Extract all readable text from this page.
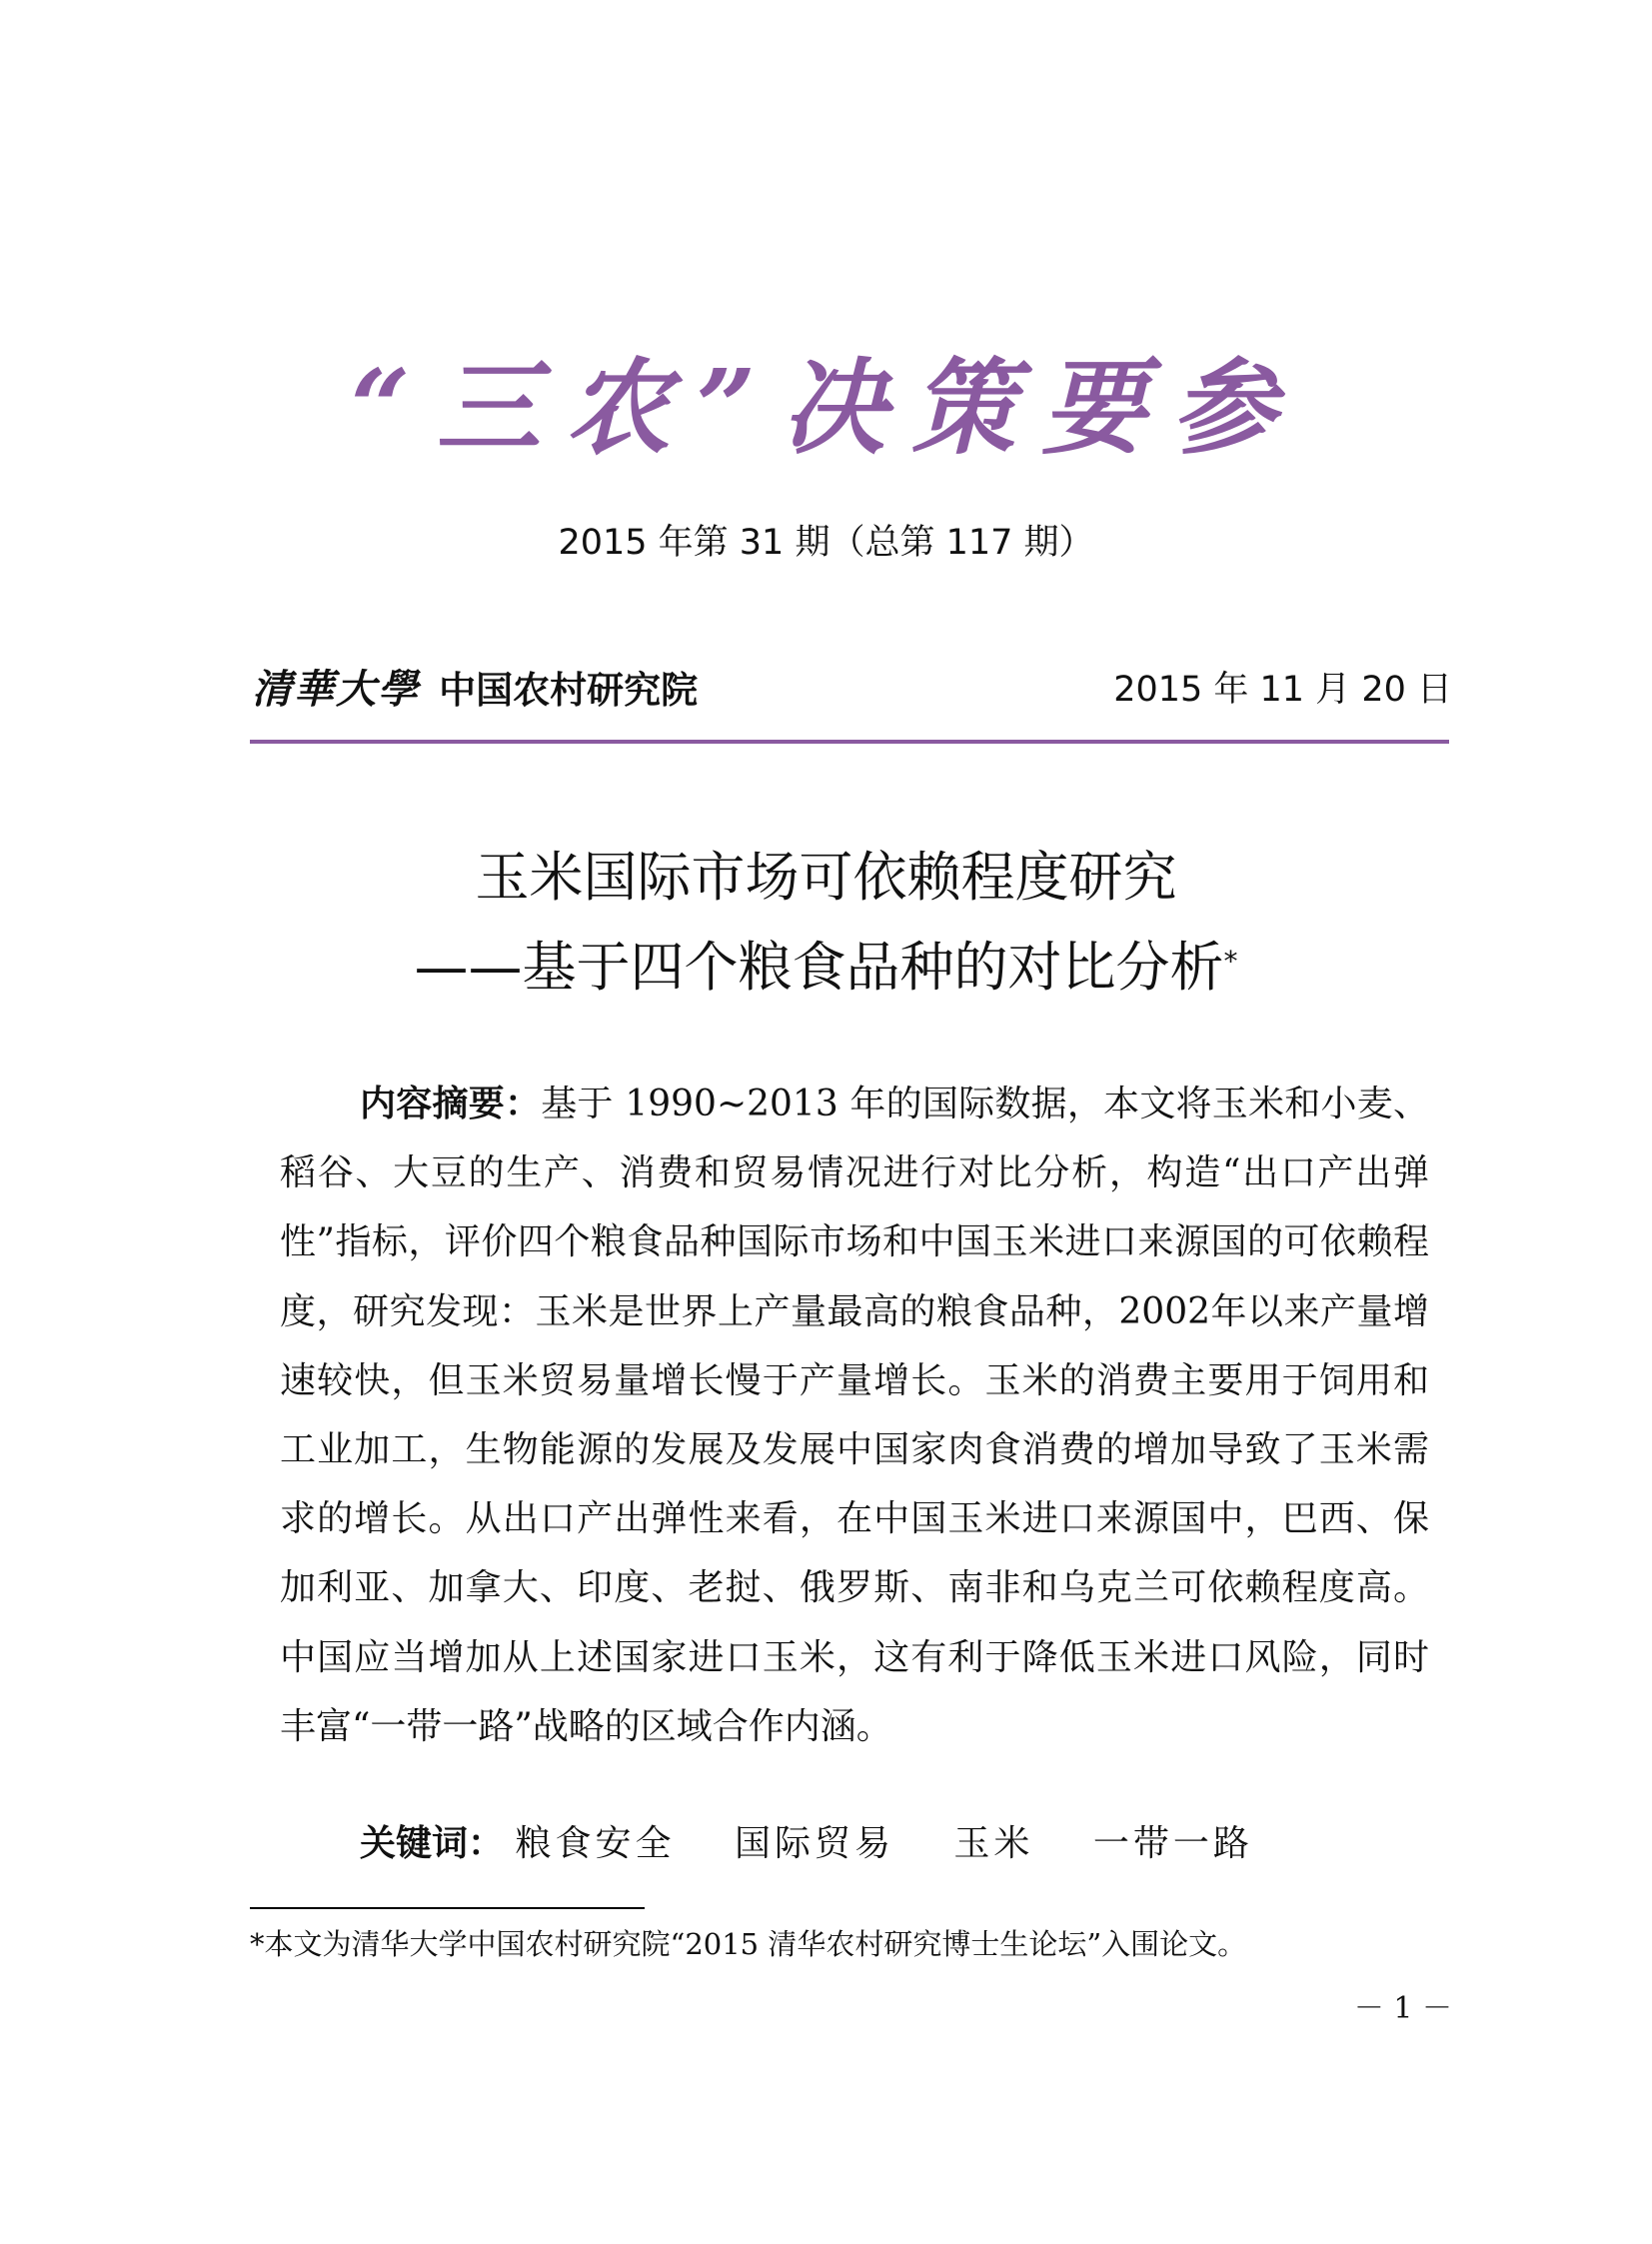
“三农”决策要参
2015 年第 31 期（总第 117 期）
清華大學 中国农村研究院	2015 年 11 月 20 日
玉米国际市场可依赖程度研究
——基于四个粮食品种的对比分析*

内容摘要：基于 1990~2013 年的国际数据，本文将玉米和小麦、稻谷、大豆的生产、消费和贸易情况进行对比分析，构造“出口产出弹性”指标，评价四个粮食品种国际市场和中国玉米进口来源国的可依赖程度，研究发现：玉米是世界上产量最高的粮食品种，2002年以来产量增速较快，但玉米贸易量增长慢于产量增长。玉米的消费主要用于饲用和工业加工，生物能源的发展及发展中国家肉食消费的增加导致了玉米需求的增长。从出口产出弹性来看，在中国玉米进口来源国中，巴西、保加利亚、加拿大、印度、老挝、俄罗斯、南非和乌克兰可依赖程度高。中国应当增加从上述国家进口玉米，这有利于降低玉米进口风险，同时丰富“一带一路”战略的区域合作内涵。

关键词： 粮食安全 国际贸易 玉米 一带一路
*本文为清华大学中国农村研究院“2015 清华农村研究博士生论坛”入围论文。
－ 1 －
